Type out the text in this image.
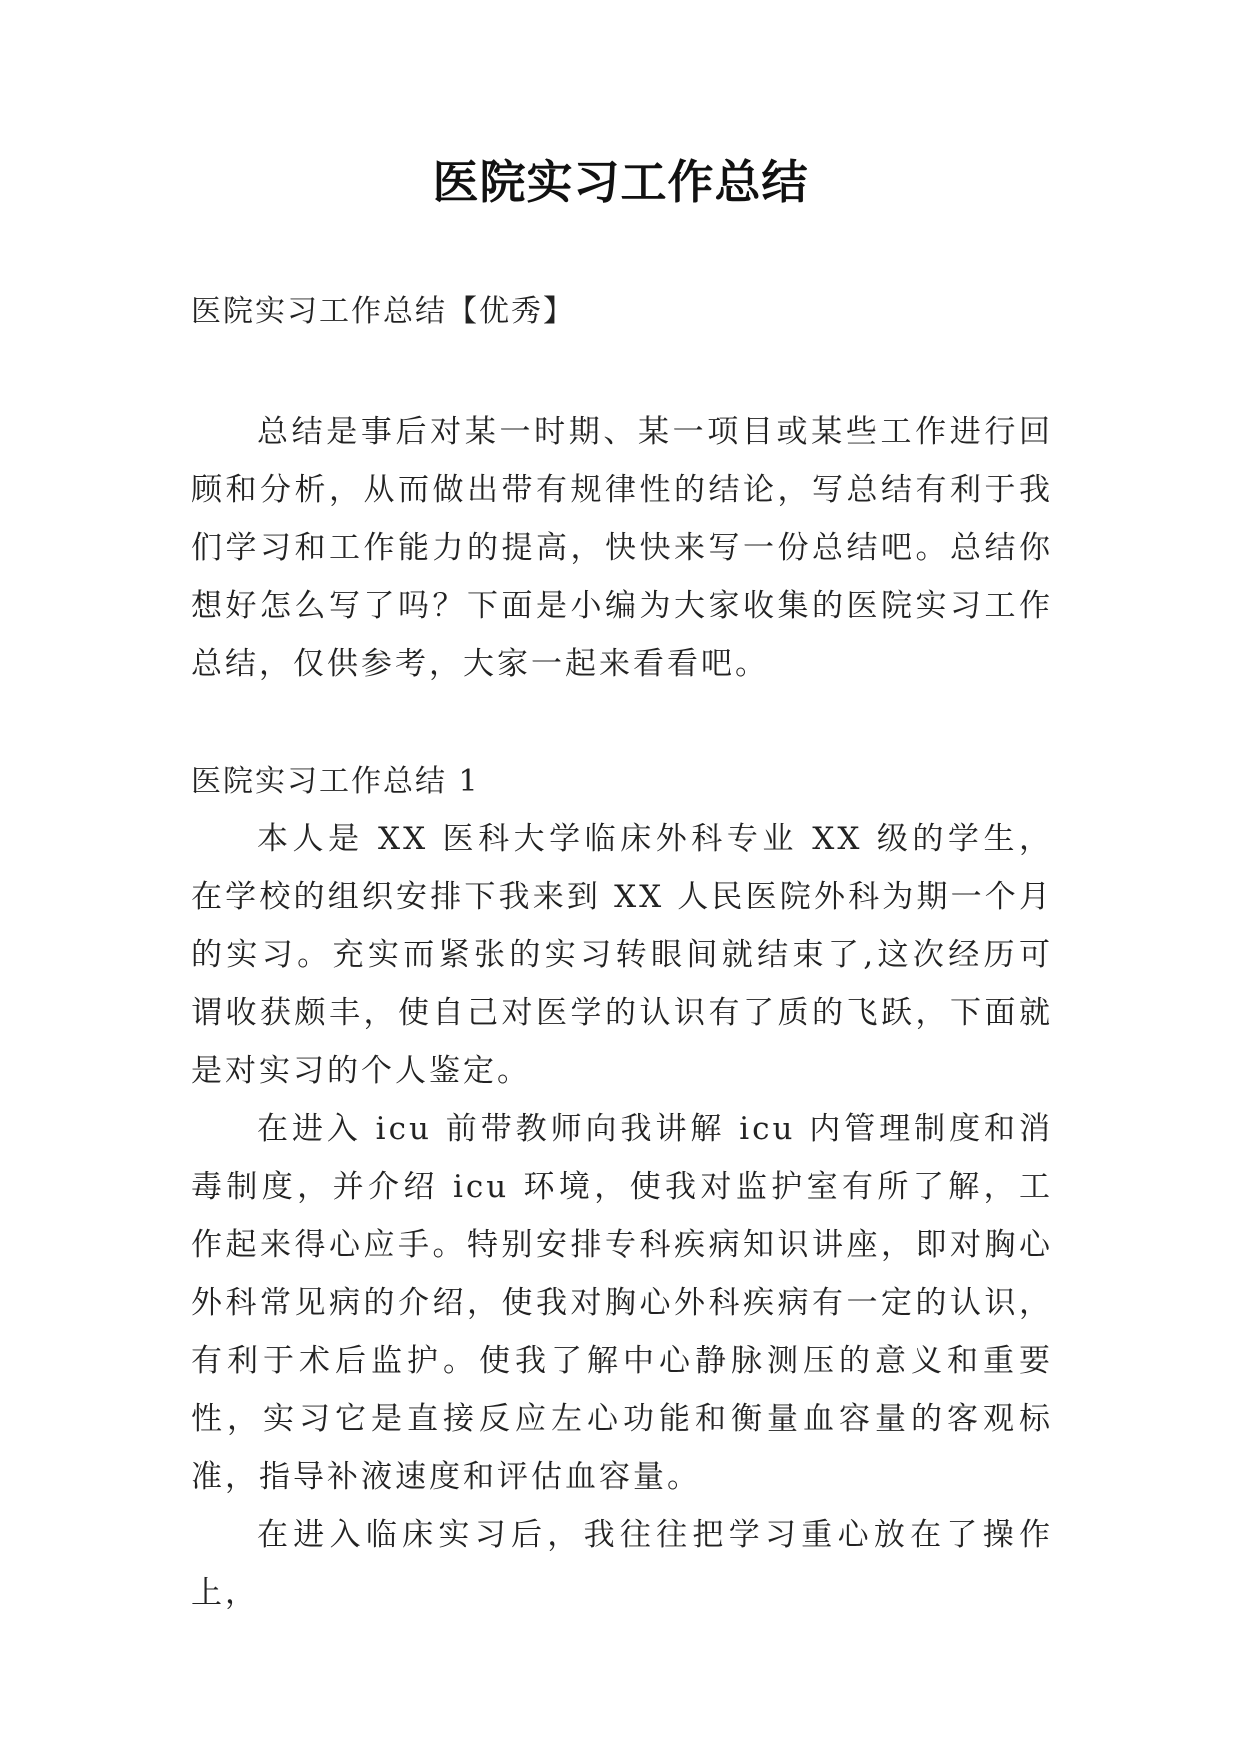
医院实习工作总结
医院实习工作总结【优秀】

总结是事后对某一时期、某一项目或某些工作进行回顾和分析，从而做出带有规律性的结论，写总结有利于我们学习和工作能力的提高，快快来写一份总结吧。总结你想好怎么写了吗？下面是小编为大家收集的医院实习工作总结，仅供参考，大家一起来看看吧。

医院实习工作总结 1

本人是 XX 医科大学临床外科专业 XX 级的学生，在学校的组织安排下我来到 XX 人民医院外科为期一个月的实习。充实而紧张的实习转眼间就结束了,这次经历可谓收获颇丰，使自己对医学的认识有了质的飞跃，下面就是对实习的个人鉴定。

在进入 icu 前带教师向我讲解 icu 内管理制度和消毒制度，并介绍 icu 环境，使我对监护室有所了解，工作起来得心应手。特别安排专科疾病知识讲座，即对胸心外科常见病的介绍，使我对胸心外科疾病有一定的认识，有利于术后监护。使我了解中心静脉测压的意义和重要性，实习它是直接反应左心功能和衡量血容量的客观标准，指导补液速度和评估血容量。

在进入临床实习后，我往往把学习重心放在了操作上，
